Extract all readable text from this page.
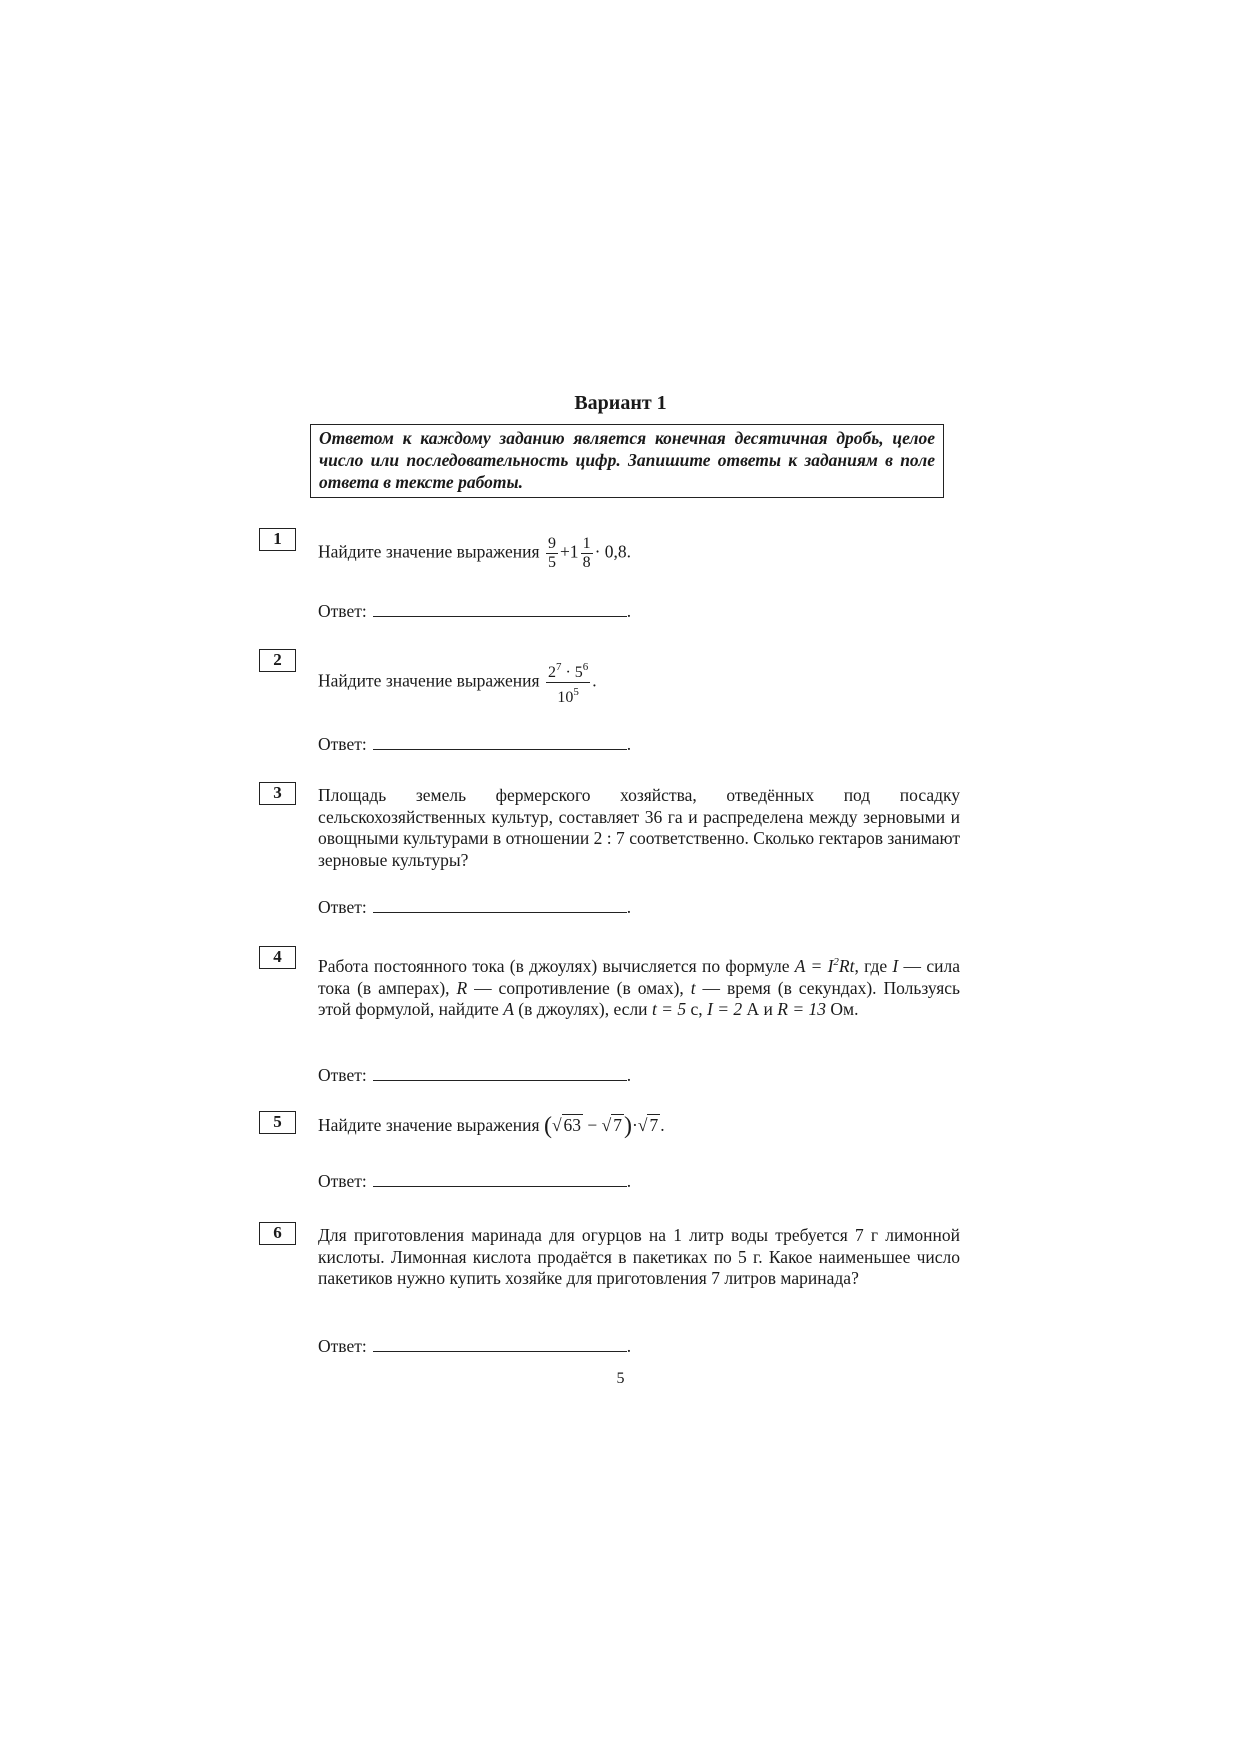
Вариант 1
Ответом к каждому заданию является конечная десятичная дробь, целое число или последовательность цифр. Запишите ответы к заданиям в поле ответа в тексте работы.
1
Найдите значение выражения $\frac{9}{5} +1 \frac{1}{8} \cdot 0,8$.
Ответ:	.
2
Найдите значение выражения $\frac{2^7 \cdot 5^6}{10^5}$ .
Ответ:	.
3	Площадь земель фермерского хозяйства, отведённых под посадку сельскохозяйственных культур, составляет 36 га и распределена между зерновыми и овощными культурами в отношении 2 : 7 соответственно. Сколько гектаров занимают зерновые культуры?
Ответ:	.
4	Работа постоянного тока (в джоулях) вычисляется по формуле $A = I^2Rt$, где I — сила тока (в амперах), R — сопротивление (в омах), t — время (в секундах). Пользуясь этой формулой, найдите A (в джоулях), если t = 5 с, I = 2 А и R = 13 Ом.
Ответ:	.
5	Найдите значение выражения (√ 63 − √ 7)·√ 7 .
Ответ:	.
6	Для приготовления маринада для огурцов на 1 литр воды требуется 7 г лимонной кислоты. Лимонная кислота продаётся в пакетиках по 5 г. Какое наименьшее число пакетиков нужно купить хозяйке для приготовления 7 литров маринада?
Ответ:	.
5
